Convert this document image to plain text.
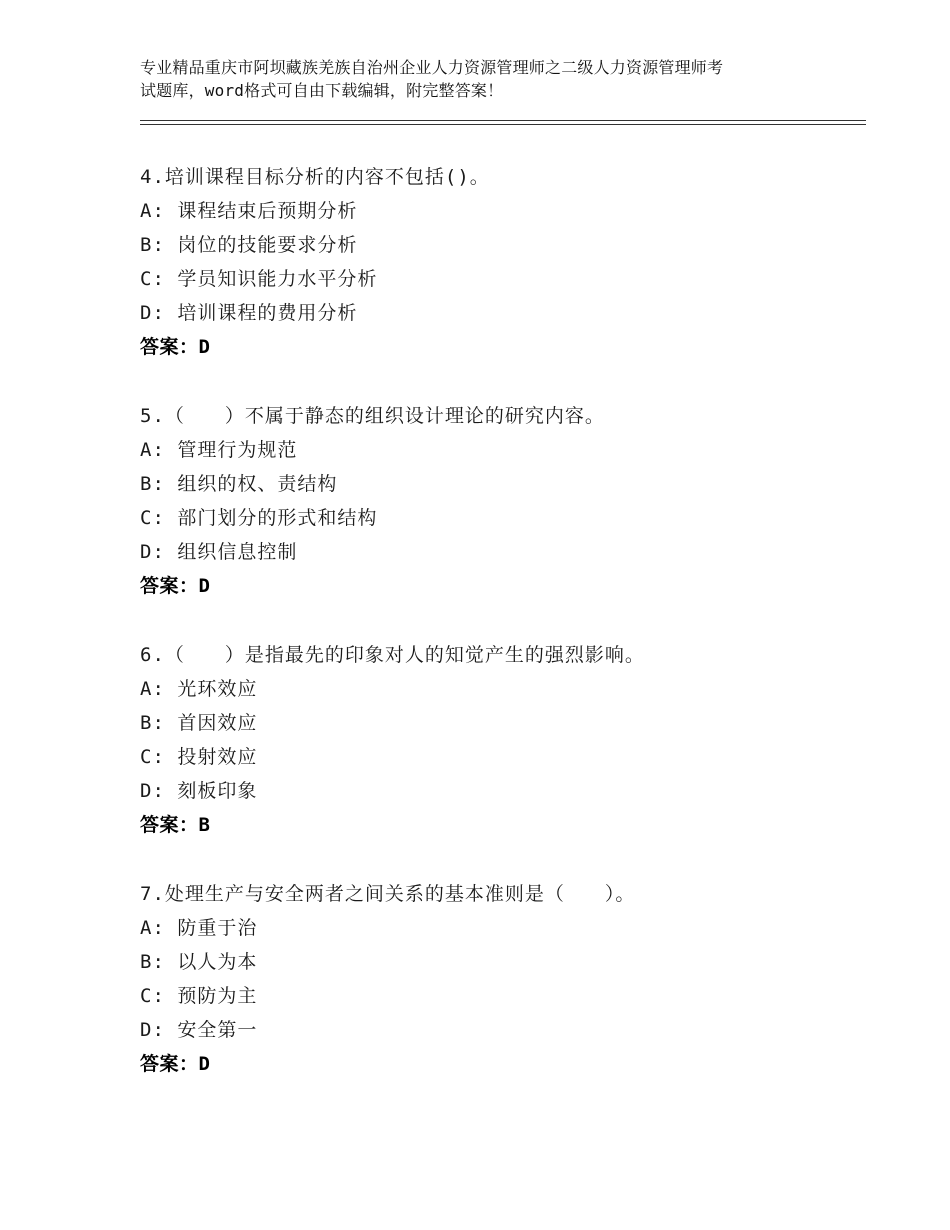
专业精品重庆市阿坝藏族羌族自治州企业人力资源管理师之二级人力资源管理师考
试题库，word格式可自由下载编辑，附完整答案！
4.培训课程目标分析的内容不包括()。
A: 课程结束后预期分析
B: 岗位的技能要求分析
C: 学员知识能力水平分析
D: 培训课程的费用分析
答案：D
5.（　　）不属于静态的组织设计理论的研究内容。
A: 管理行为规范
B: 组织的权、责结构
C: 部门划分的形式和结构
D: 组织信息控制
答案：D
6.（　　）是指最先的印象对人的知觉产生的强烈影响。
A: 光环效应
B: 首因效应
C: 投射效应
D: 刻板印象
答案：B
7.处理生产与安全两者之间关系的基本准则是（　　）。
A: 防重于治
B: 以人为本
C: 预防为主
D: 安全第一
答案：D
